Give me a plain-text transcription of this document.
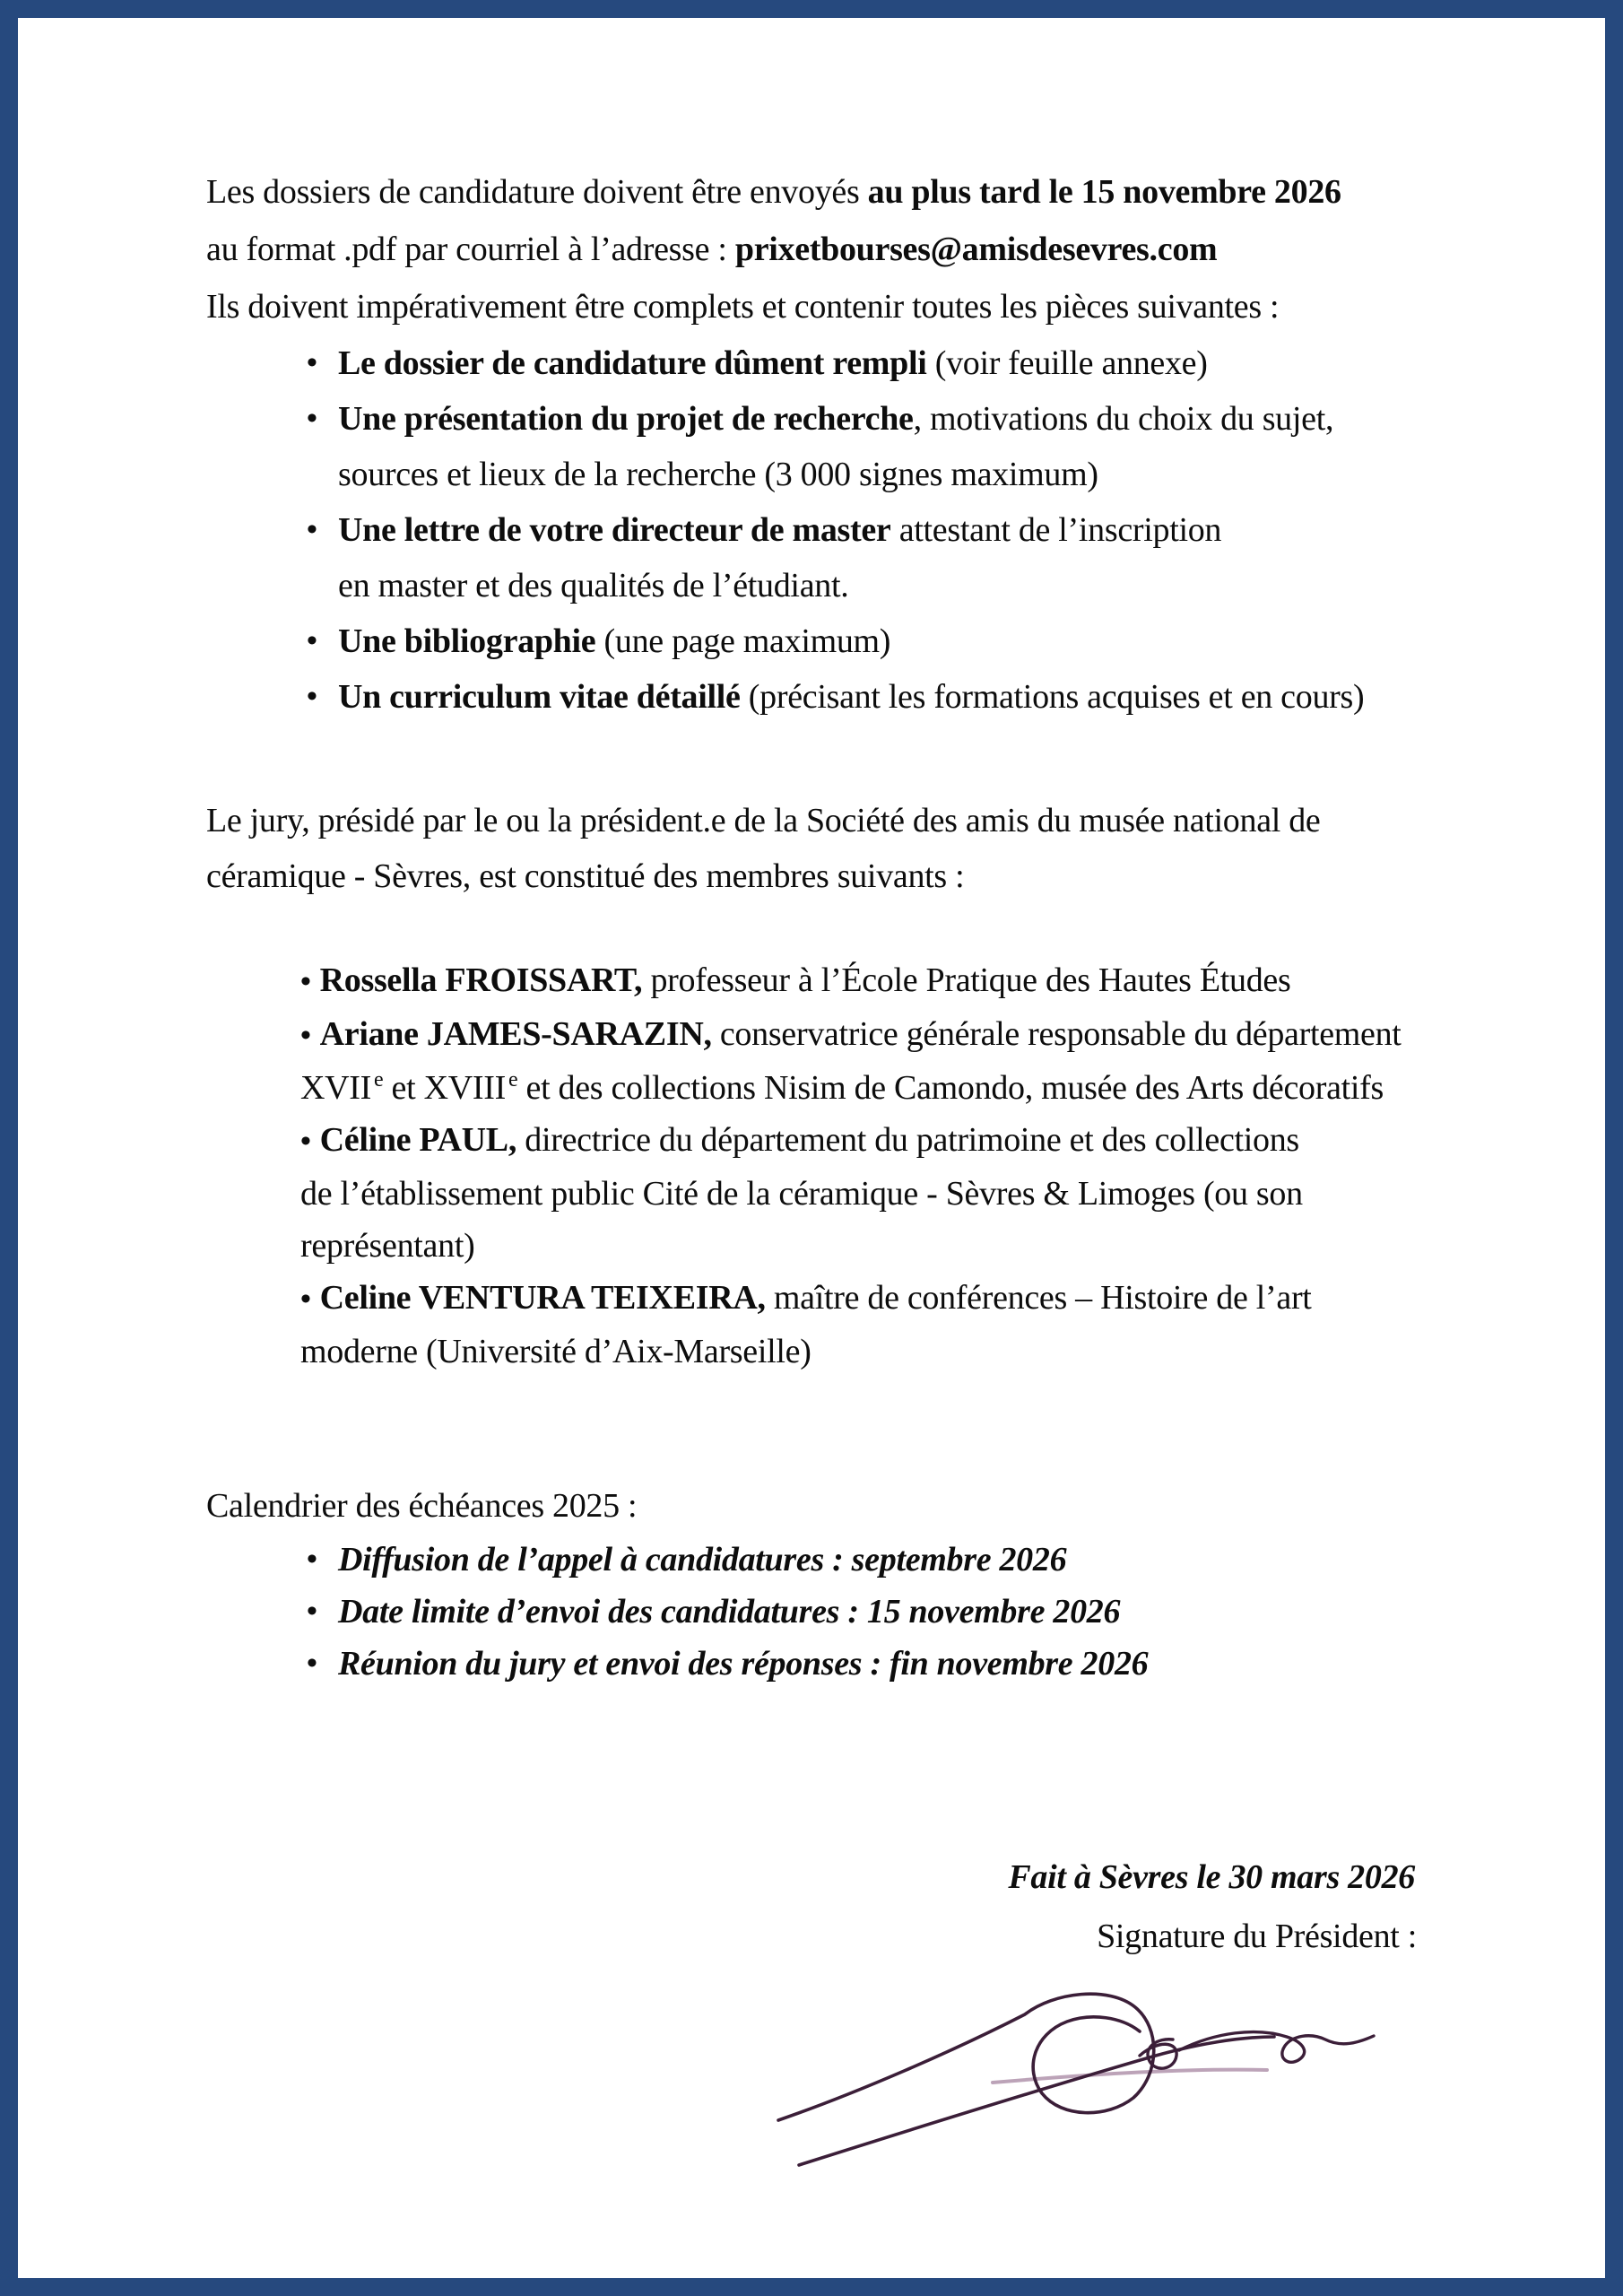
Les dossiers de candidature doivent être envoyés au plus tard le 15 novembre 2026
au format .pdf par courriel à l’adresse : prixetbourses@amisdesevres.com
Ils doivent impérativement être complets et contenir toutes les pièces suivantes :

• Le dossier de candidature dûment rempli (voir feuille annexe)
• Une présentation du projet de recherche, motivations du choix du sujet,
sources et lieux de la recherche (3 000 signes maximum)
• Une lettre de votre directeur de master attestant de l’inscription
en master et des qualités de l’étudiant.
• Une bibliographie (une page maximum)
• Un curriculum vitae détaillé (précisant les formations acquises et en cours)

Le jury, présidé par le ou la président.e de la Société des amis du musée national de
céramique - Sèvres, est constitué des membres suivants :

• Rossella FROISSART, professeur à l’École Pratique des Hautes Études

• Ariane JAMES-SARAZIN, conservatrice générale responsable du département
XVII $^e$ et XVIII $^e$ et des collections Nisim de Camondo, musée des Arts décoratifs

• Céline PAUL, directrice du département du patrimoine et des collections
de l’établissement public Cité de la céramique - Sèvres & Limoges (ou son
représentant)

• Celine VENTURA TEIXEIRA, maître de conférences – Histoire de l’art
moderne (Université d’Aix-Marseille)

Calendrier des échéances 2025 :

• Diffusion de l’appel à candidatures : septembre 2026
• Date limite d’envoi des candidatures : 15 novembre 2026
• Réunion du jury et envoi des réponses : fin novembre 2026

Fait à Sèvres le 30 mars 2026

Signature du Président :
